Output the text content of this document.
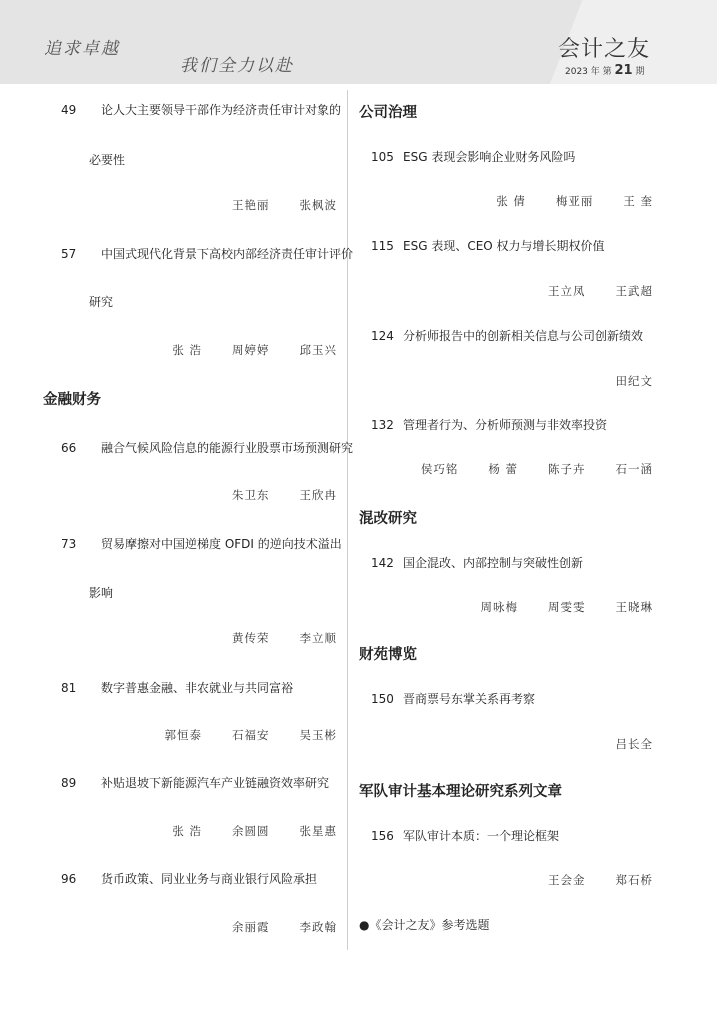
追求卓越
我们全力以赴
会计之友
2023 年 第 21 期
49 论人大主要领导干部作为经济责任审计对象的
必要性
王艳丽	张枫波
57 中国式现代化背景下高校内部经济责任审计评价
研究
张 浩	周婷婷	邱玉兴
金融财务
66 融合气候风险信息的能源行业股票市场预测研究
朱卫东	王欣冉
73 贸易摩擦对中国逆梯度 OFDI 的逆向技术溢出
影响
黄传荣	李立顺
81 数字普惠金融、非农就业与共同富裕
郭恒泰	石福安	吴玉彬
89 补贴退坡下新能源汽车产业链融资效率研究
张 浩	余圆圆	张星惠
96 货币政策、同业业务与商业银行风险承担
余丽霞	李政翰
公司治理
105 ESG 表现会影响企业财务风险吗
张 倩	梅亚丽	王 奎
115 ESG 表现、CEO 权力与增长期权价值
王立凤	王武超
124 分析师报告中的创新相关信息与公司创新绩效
田纪文
132 管理者行为、分析师预测与非效率投资
侯巧铭	杨 蕾	陈子卉	石一涵
混改研究
142 国企混改、内部控制与突破性创新
周咏梅	周雯雯	王晓琳
财苑博览
150 晋商票号东掌关系再考察
吕长全
军队审计基本理论研究系列文章
156 军队审计本质：一个理论框架
王会金	郑石桥
●《会计之友》参考选题
